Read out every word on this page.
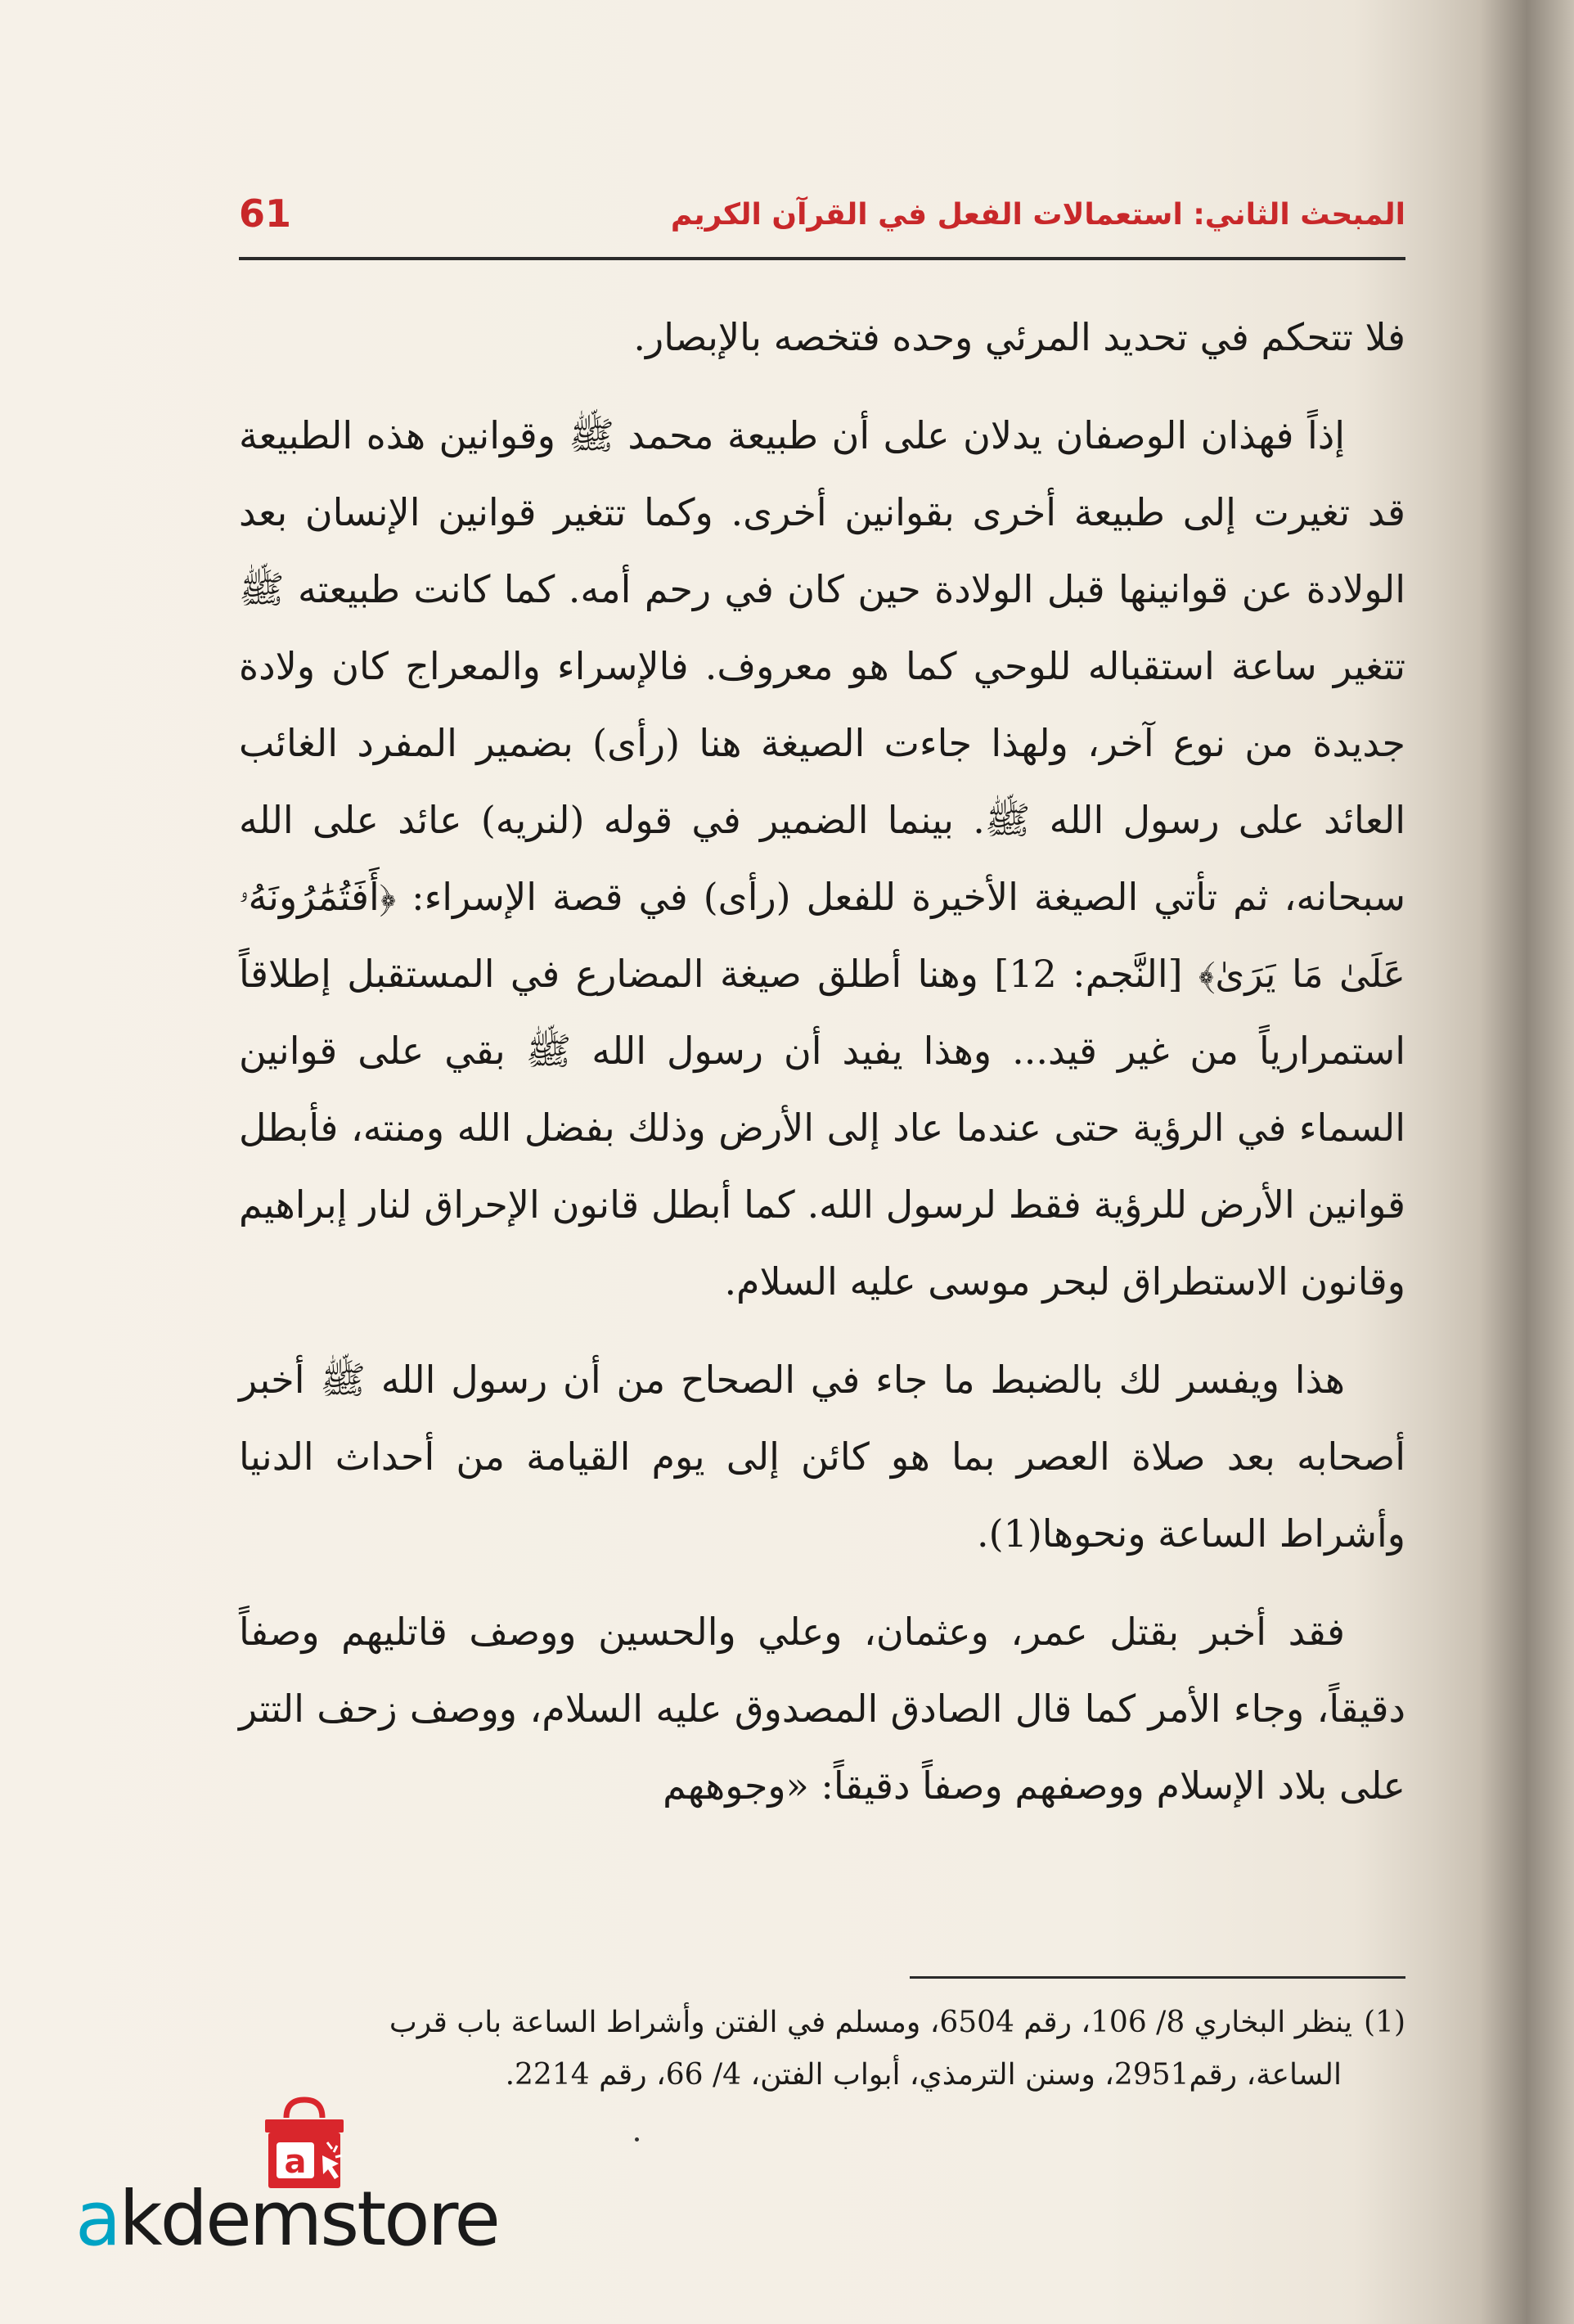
المبحث الثاني: استعمالات الفعل في القرآن الكريم
61

فلا تتحكم في تحديد المرئي وحده فتخصه بالإبصار.

إذاً فهذان الوصفان يدلان على أن طبيعة محمد ﷺ وقوانين هذه الطبيعة قد تغيرت إلى طبيعة أخرى بقوانين أخرى. وكما تتغير قوانين الإنسان بعد الولادة عن قوانينها قبل الولادة حين كان في رحم أمه. كما كانت طبيعته ﷺ تتغير ساعة استقباله للوحي كما هو معروف. فالإسراء والمعراج كان ولادة جديدة من نوع آخر، ولهذا جاءت الصيغة هنا (رأى) بضمير المفرد الغائب العائد على رسول الله ﷺ. بينما الضمير في قوله (لنريه) عائد على الله سبحانه، ثم تأتي الصيغة الأخيرة للفعل (رأى) في قصة الإسراء: ﴿أَفَتُمَٰرُونَهُۥ عَلَىٰ مَا يَرَىٰ﴾ [النَّجم: 12] وهنا أطلق صيغة المضارع في المستقبل إطلاقاً استمرارياً من غير قيد... وهذا يفيد أن رسول الله ﷺ بقي على قوانين السماء في الرؤية حتى عندما عاد إلى الأرض وذلك بفضل الله ومنته، فأبطل قوانين الأرض للرؤية فقط لرسول الله. كما أبطل قانون الإحراق لنار إبراهيم وقانون الاستطراق لبحر موسى عليه السلام.

هذا ويفسر لك بالضبط ما جاء في الصحاح من أن رسول الله ﷺ أخبر أصحابه بعد صلاة العصر بما هو كائن إلى يوم القيامة من أحداث الدنيا وأشراط الساعة ونحوها(1).

فقد أخبر بقتل عمر، وعثمان، وعلي والحسين ووصف قاتليهم وصفاً دقيقاً، وجاء الأمر كما قال الصادق المصدوق عليه السلام، ووصف زحف التتر على بلاد الإسلام ووصفهم وصفاً دقيقاً: «وجوههم

(1)ينظر البخاري 8/ 106، رقم 6504، ومسلم في الفتن وأشراط الساعة باب قرب
الساعة، رقم2951، وسنن الترمذي، أبواب الفتن، 4/ 66، رقم 2214.
a
akdemstore
